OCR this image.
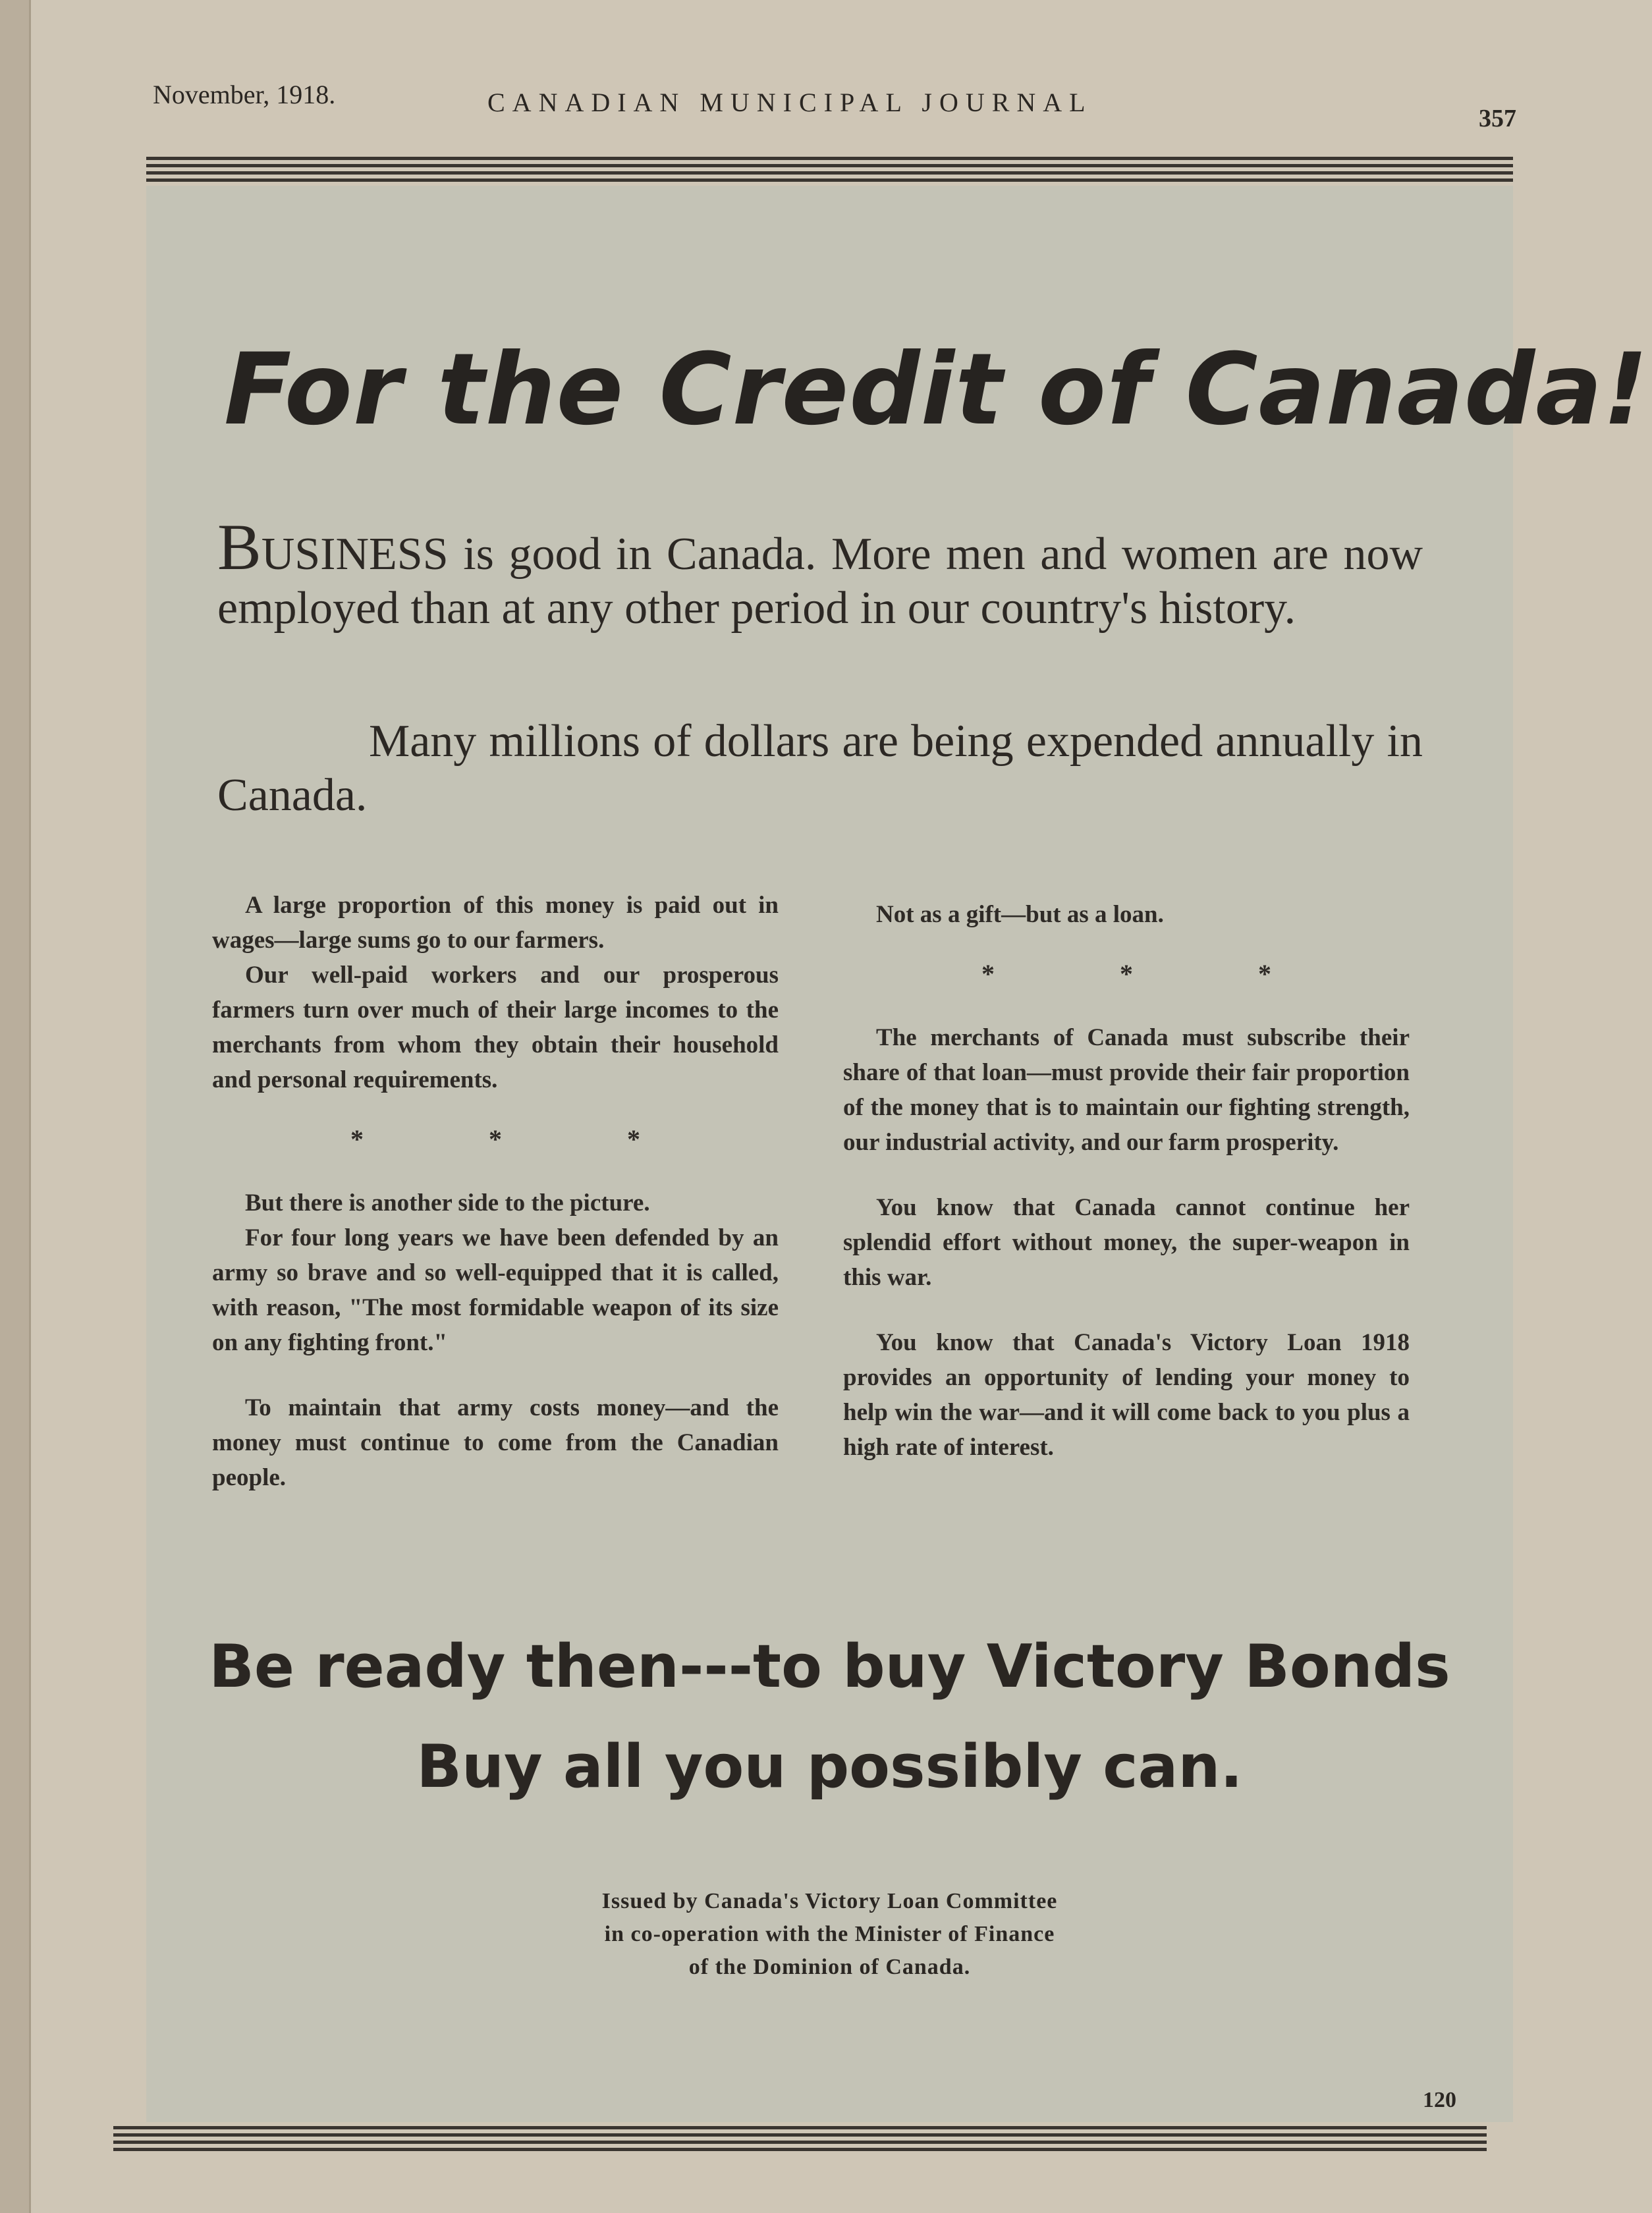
November, 1918.	CANADIAN MUNICIPAL JOURNAL
357
For the Credit of Canada!
BUSINESS is good in Canada. More men and women are now employed than at any other period in our country's history.
Many millions of dollars are being expended annually in Canada.

A large proportion of this money is paid out in wages—large sums go to our farmers.

Our well-paid workers and our prosperous farmers turn over much of their large incomes to the merchants from whom they obtain their household and personal requirements.

* * *

But there is another side to the picture.

For four long years we have been defended by an army so brave and so well-equipped that it is called, with reason, "The most formidable weapon of its size on any fighting front."

To maintain that army costs money—and the money must continue to come from the Canadian people.

Not as a gift—but as a loan.

* * *

The merchants of Canada must subscribe their share of that loan—must provide their fair proportion of the money that is to maintain our fighting strength, our industrial activity, and our farm prosperity.

You know that Canada cannot continue her splendid effort without money, the super-weapon in this war.

You know that Canada's Victory Loan 1918 provides an opportunity of lending your money to help win the war—and it will come back to you plus a high rate of interest.

Be ready then---to buy Victory Bonds
Buy all you possibly can.
Issued by Canada's Victory Loan Committee
in co-operation with the Minister of Finance
of the Dominion of Canada.
120
